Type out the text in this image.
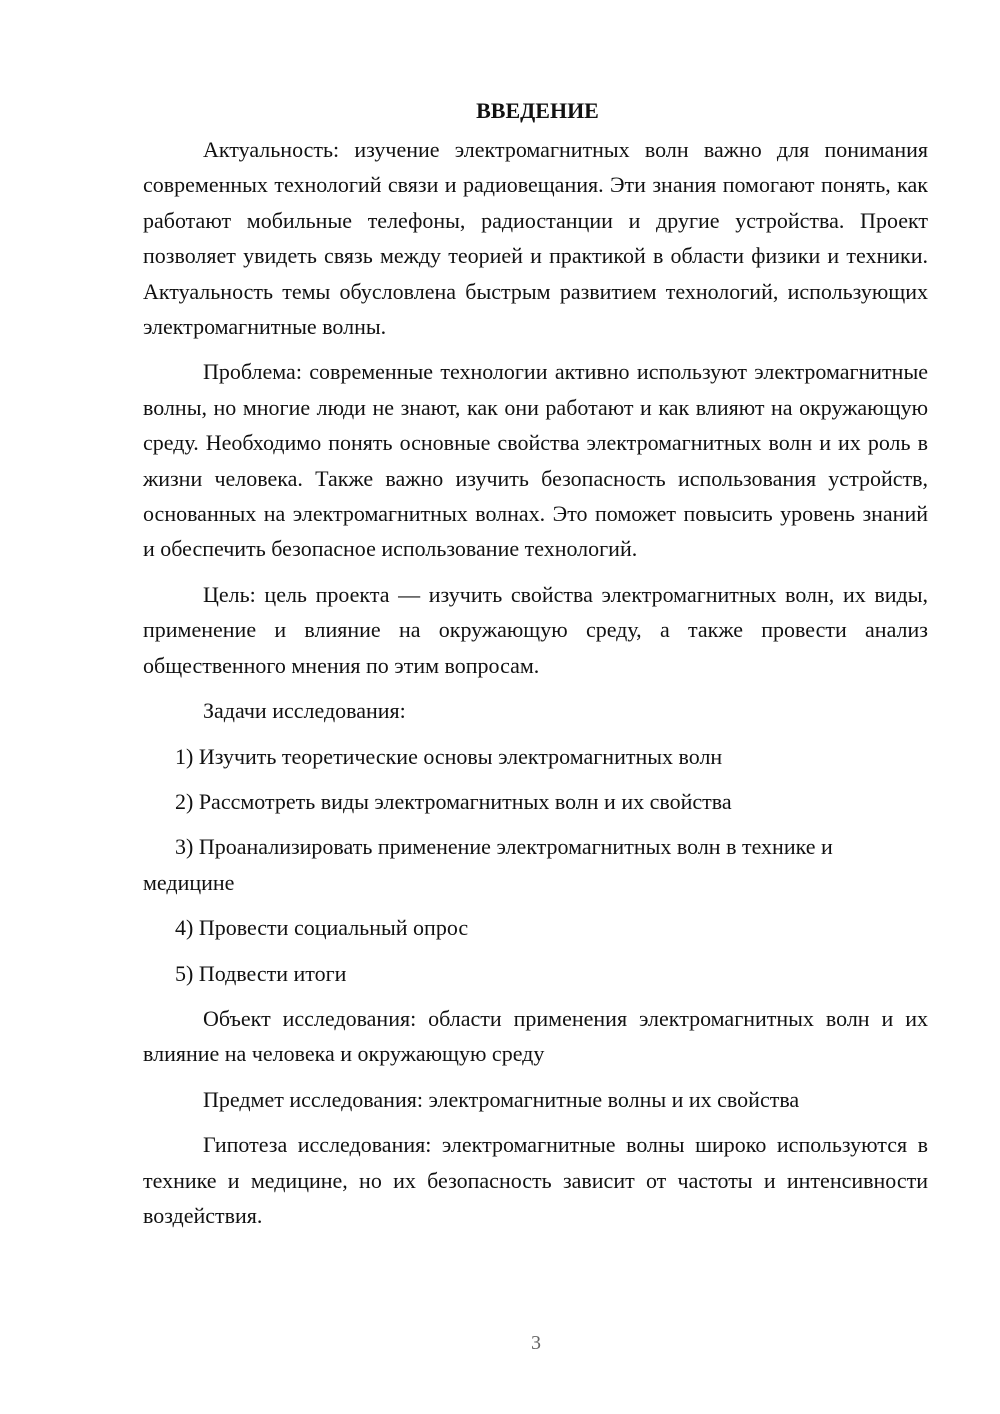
ВВЕДЕНИЕ

Актуальность: изучение электромагнитных волн важно для понимания современных технологий связи и радиовещания. Эти знания помогают понять, как работают мобильные телефоны, радиостанции и другие устройства. Проект позволяет увидеть связь между теорией и практикой в области физики и техники. Актуальность темы обусловлена быстрым развитием технологий, использующих электромагнитные волны.

Проблема: современные технологии активно используют электромагнитные волны, но многие люди не знают, как они работают и как влияют на окружающую среду. Необходимо понять основные свойства электромагнитных волн и их роль в жизни человека. Также важно изучить безопасность использования устройств, основанных на электромагнитных волнах. Это поможет повысить уровень знаний и обеспечить безопасное использование технологий.

Цель: цель проекта — изучить свойства электромагнитных волн, их виды, применение и влияние на окружающую среду, а также провести анализ общественного мнения по этим вопросам.

Задачи исследования:

1) Изучить теоретические основы электромагнитных волн

2) Рассмотреть виды электромагнитных волн и их свойства

3) Проанализировать применение электромагнитных волн в технике и медицине

4) Провести социальный опрос

5) Подвести итоги

Объект исследования: области применения электромагнитных волн и их влияние на человека и окружающую среду

Предмет исследования: электромагнитные волны и их свойства

Гипотеза исследования: электромагнитные волны широко используются в технике и медицине, но их безопасность зависит от частоты и интенсивности воздействия.

3
